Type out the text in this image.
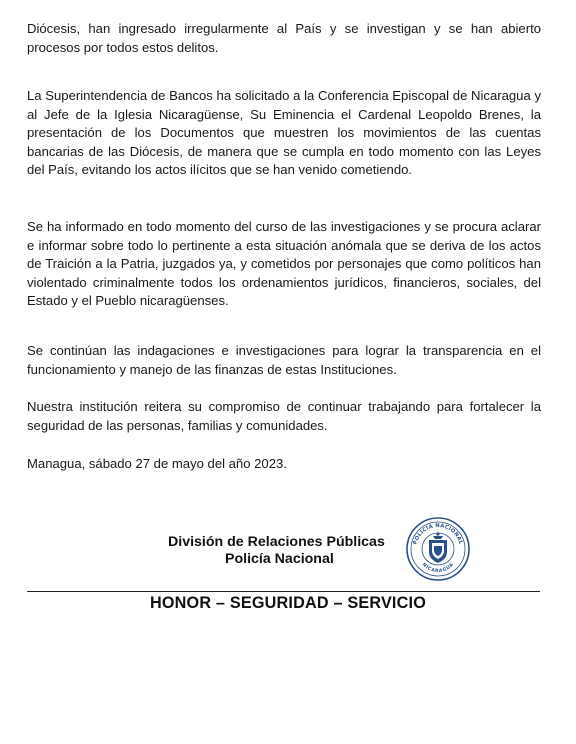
Diócesis, han ingresado irregularmente al País y se investigan y se han abierto procesos por todos estos delitos.

La Superintendencia de Bancos ha solicitado a la Conferencia Episcopal de Nicaragua y al Jefe de la Iglesia Nicaragüense, Su Eminencia el Cardenal Leopoldo Brenes, la presentación de los Documentos que muestren los movimientos de las cuentas bancarias de las Diócesis, de manera que se cumpla en todo momento con las Leyes del País, evitando los actos ilícitos que se han venido cometiendo.

Se ha informado en todo momento del curso de las investigaciones y se procura aclarar e informar sobre todo lo pertinente a esta situación anómala que se deriva de los actos de Traición a la Patria, juzgados ya, y cometidos por personajes que como políticos han violentado criminalmente todos los ordenamientos jurídicos, financieros, sociales, del Estado y el Pueblo nicaragüenses.

Se continúan las indagaciones e investigaciones para lograr la transparencia en el funcionamiento y manejo de las finanzas de estas Instituciones.

Nuestra institución reitera su compromiso de continuar trabajando para fortalecer la seguridad de las personas, familias y comunidades.

Managua, sábado 27 de mayo del año 2023.

División de Relaciones Públicas

Policía Nacional

POLICIA NACIONAL
NICARAGUA

HONOR – SEGURIDAD – SERVICIO
